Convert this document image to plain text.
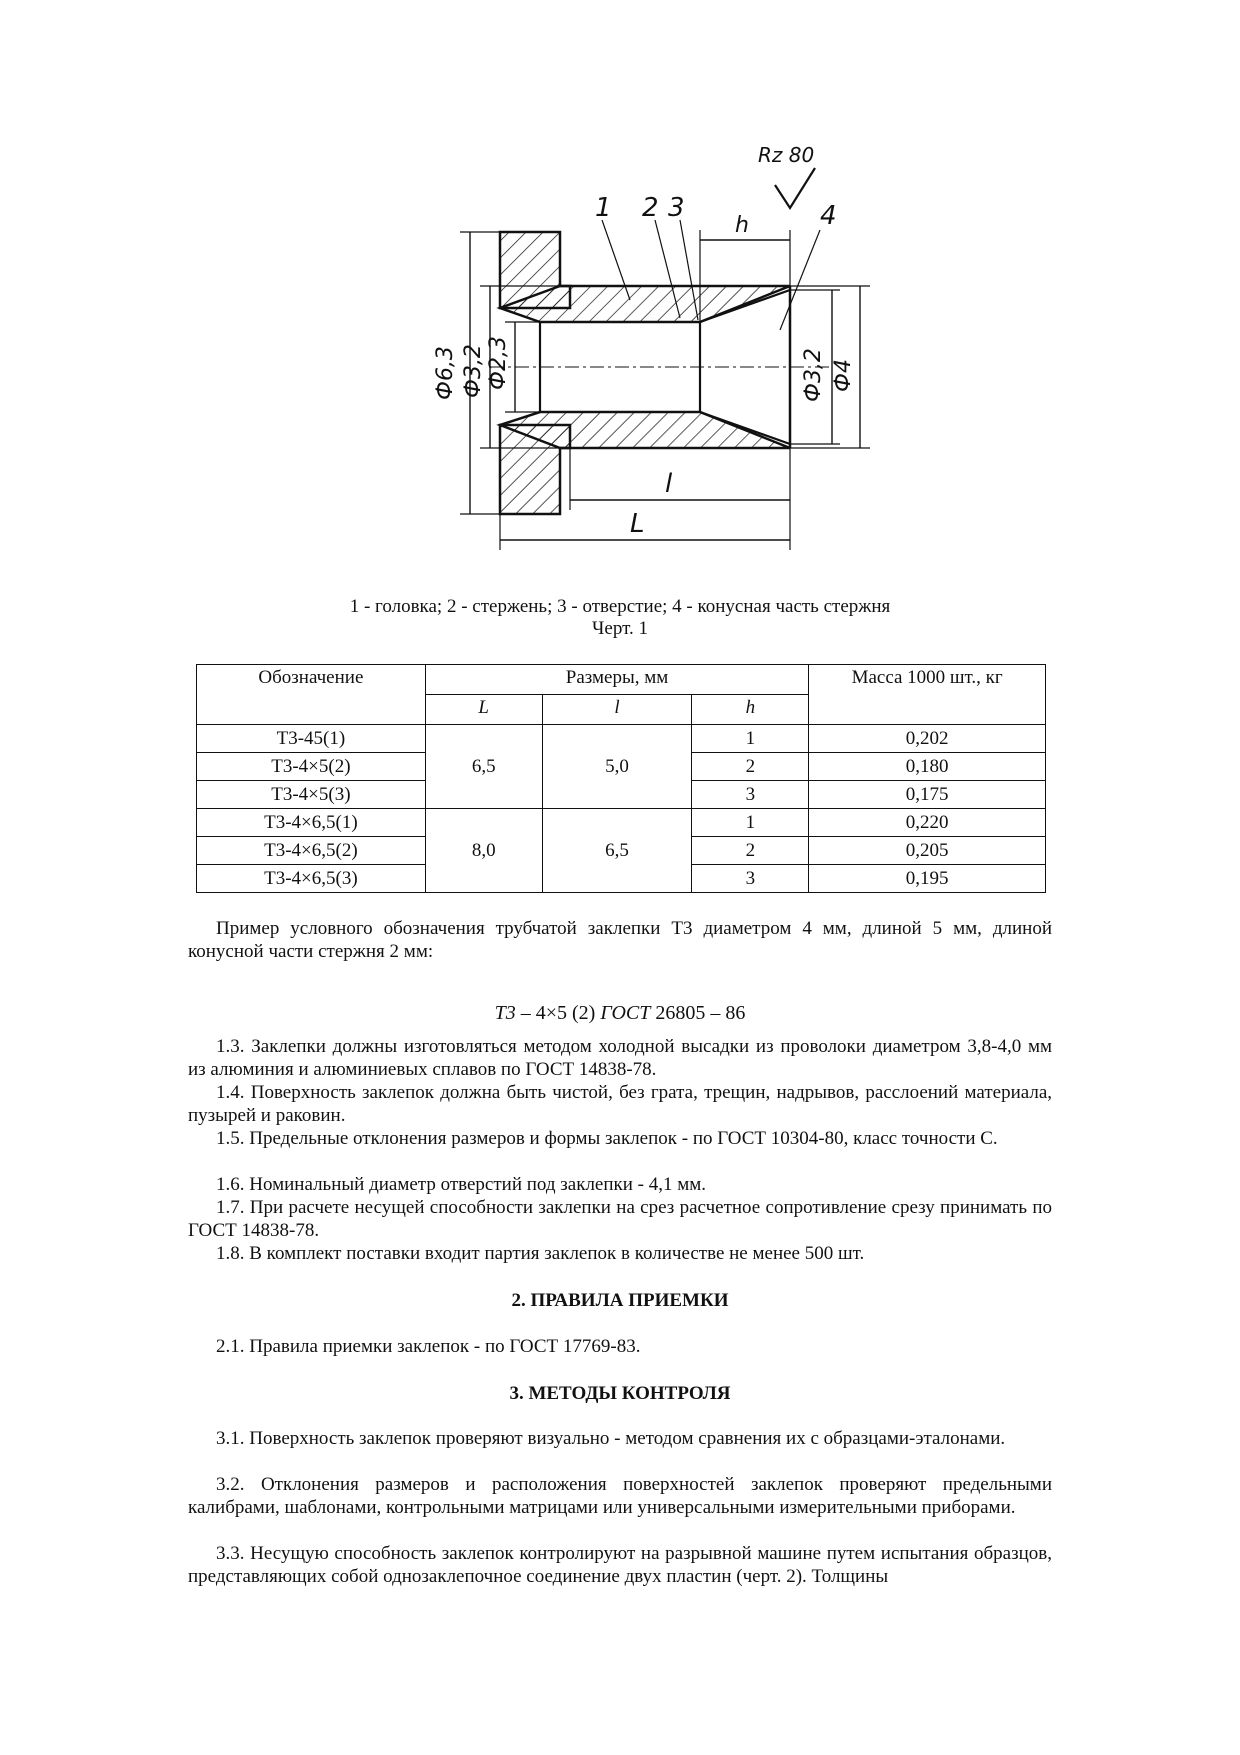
Rz 80
1 2 3
h	4
Ф6,3 Ф3,2 Ф2,3	Ф3,2 Ф4
l
L
1 - головка; 2 - стержень; 3 - отверстие; 4 - конусная часть стержня
Черт. 1
Обозначение	Размеры, мм			Масса 1000 шт., кг
	L	l	h	
Т3-45(1)	6,5	5,0	1	0,202
Т3-4×5(2)			2	0,180
Т3-4×5(3)			3	0,175
Т3-4×6,5(1)	8,0	6,5	1	0,220
Т3-4×6,5(2)			2	0,205
Т3-4×6,5(3)			3	0,195
Пример условного обозначения трубчатой заклепки Т3 диаметром 4 мм, длиной 5 мм, длиной конусной части стержня 2 мм:
Т3 – 4×5 (2) ГОСТ 26805 – 86
1.3. Заклепки должны изготовляться методом холодной высадки из проволоки диаметром 3,8-4,0 мм из алюминия и алюминиевых сплавов по ГОСТ 14838-78.
1.4. Поверхность заклепок должна быть чистой, без грата, трещин, надрывов, расслоений материала, пузырей и раковин.
1.5. Предельные отклонения размеров и формы заклепок - по ГОСТ 10304-80, класс точности С.
1.6. Номинальный диаметр отверстий под заклепки - 4,1 мм.
1.7. При расчете несущей способности заклепки на срез расчетное сопротивление срезу принимать по ГОСТ 14838-78.
1.8. В комплект поставки входит партия заклепок в количестве не менее 500 шт.
2. ПРАВИЛА ПРИЕМКИ
2.1. Правила приемки заклепок - по ГОСТ 17769-83.
3. МЕТОДЫ КОНТРОЛЯ
3.1. Поверхность заклепок проверяют визуально - методом сравнения их с образцами-эталонами.
3.2. Отклонения размеров и расположения поверхностей заклепок проверяют предельными калибрами, шаблонами, контрольными матрицами или универсальными измерительными приборами.
3.3. Несущую способность заклепок контролируют на разрывной машине путем испытания образцов, представляющих собой однозаклепочное соединение двух пластин (черт. 2). Толщины
